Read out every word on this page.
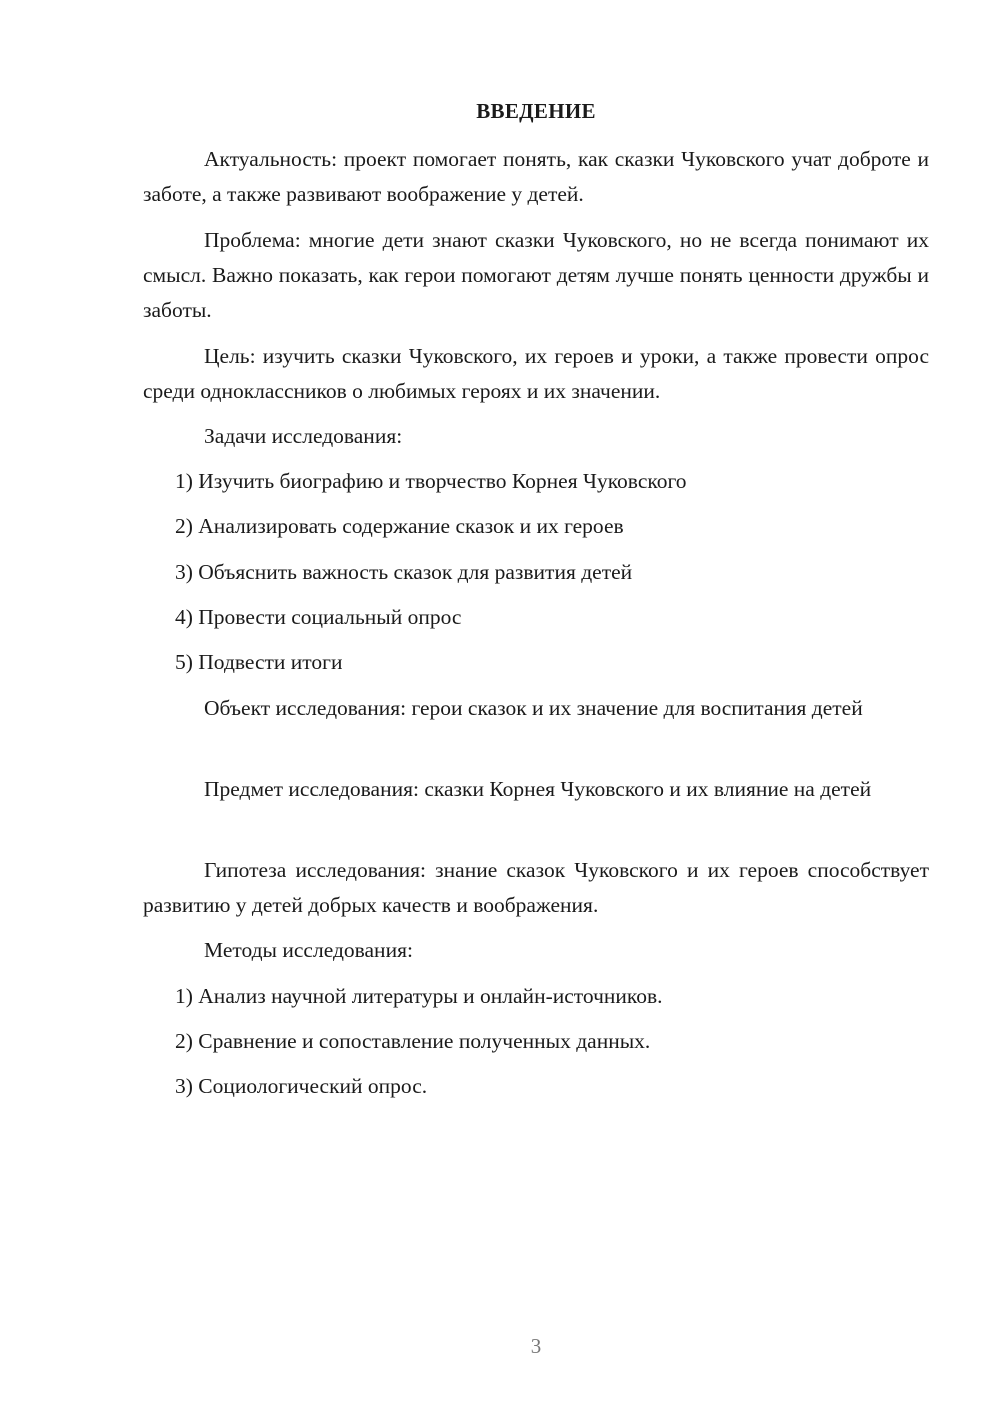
ВВЕДЕНИЕ

Актуальность: проект помогает понять, как сказки Чуковского учат доброте и заботе, а также развивают воображение у детей.

Проблема: многие дети знают сказки Чуковского, но не всегда понимают их смысл. Важно показать, как герои помогают детям лучше понять ценности дружбы и заботы.

Цель: изучить сказки Чуковского, их героев и уроки, а также провести опрос среди одноклассников о любимых героях и их значении.

Задачи исследования:
1) Изучить биографию и творчество Корнея Чуковского
2) Анализировать содержание сказок и их героев
3) Объяснить важность сказок для развития детей
4) Провести социальный опрос
5) Подвести итоги

Объект исследования: герои сказок и их значение для воспитания детей

Предмет исследования: сказки Корнея Чуковского и их влияние на детей

Гипотеза исследования: знание сказок Чуковского и их героев способствует развитию у детей добрых качеств и воображения.

Методы исследования:
1) Анализ научной литературы и онлайн-источников.
2) Сравнение и сопоставление полученных данных.
3) Социологический опрос.
3
